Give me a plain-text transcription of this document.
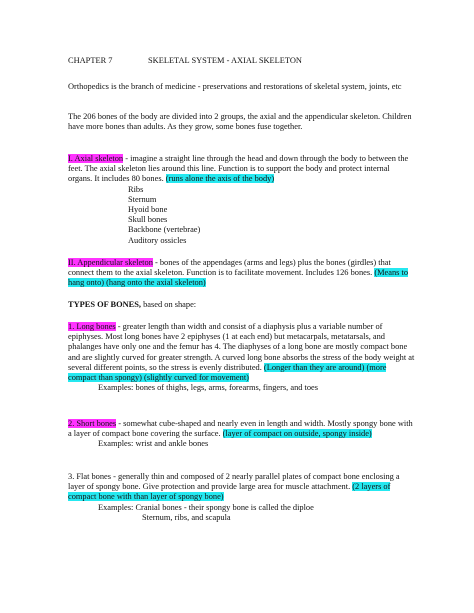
CHAPTER 7	SKELETAL SYSTEM - AXIAL SKELETON

Orthopedics is the branch of medicine - preservations and restorations of skeletal system, joints, etc

The 206 bones of the body are divided into 2 groups, the axial and the appendicular skeleton. Children have more bones than adults. As they grow, some bones fuse together.

I. Axial skeleton - imagine a straight line through the head and down through the body to between the feet. The axial skeleton lies around this line. Function is to support the body and protect internal organs. It includes 80 bones. (runs alone the axis of the body)

Ribs
Sternum
Hyoid bone
Skull bones
Backbone (vertebrae)
Auditory ossicles

II. Appendicular skeleton - bones of the appendages (arms and legs) plus the bones (girdles) that connect them to the axial skeleton. Function is to facilitate movement. Includes 126 bones. (Means to hang onto) (hang onto the axial skeleton)

TYPES OF BONES, based on shape:

1. Long bones - greater length than width and consist of a diaphysis plus a variable number of epiphyses. Most long bones have 2 epiphyses (1 at each end) but metacarpals, metatarsals, and phalanges have only one and the femur has 4. The diaphyses of a long bone are mostly compact bone and are slightly curved for greater strength. A curved long bone absorbs the stress of the body weight at several different points, so the stress is evenly distributed. (Longer than they are around) (more compact than spongy) (slightly curved for movement)

Examples: bones of thighs, legs, arms, forearms, fingers, and toes

2. Short bones - somewhat cube-shaped and nearly even in length and width. Mostly spongy bone with a layer of compact bone covering the surface. (layer of compact on outside, spongy inside)

Examples: wrist and ankle bones

3. Flat bones - generally thin and composed of 2 nearly parallel plates of compact bone enclosing a layer of spongy bone. Give protection and provide large area for muscle attachment. (2 layers of compact bone with than layer of spongy bone)

Examples: Cranial bones - their spongy bone is called the diploe

Sternum, ribs, and scapula
